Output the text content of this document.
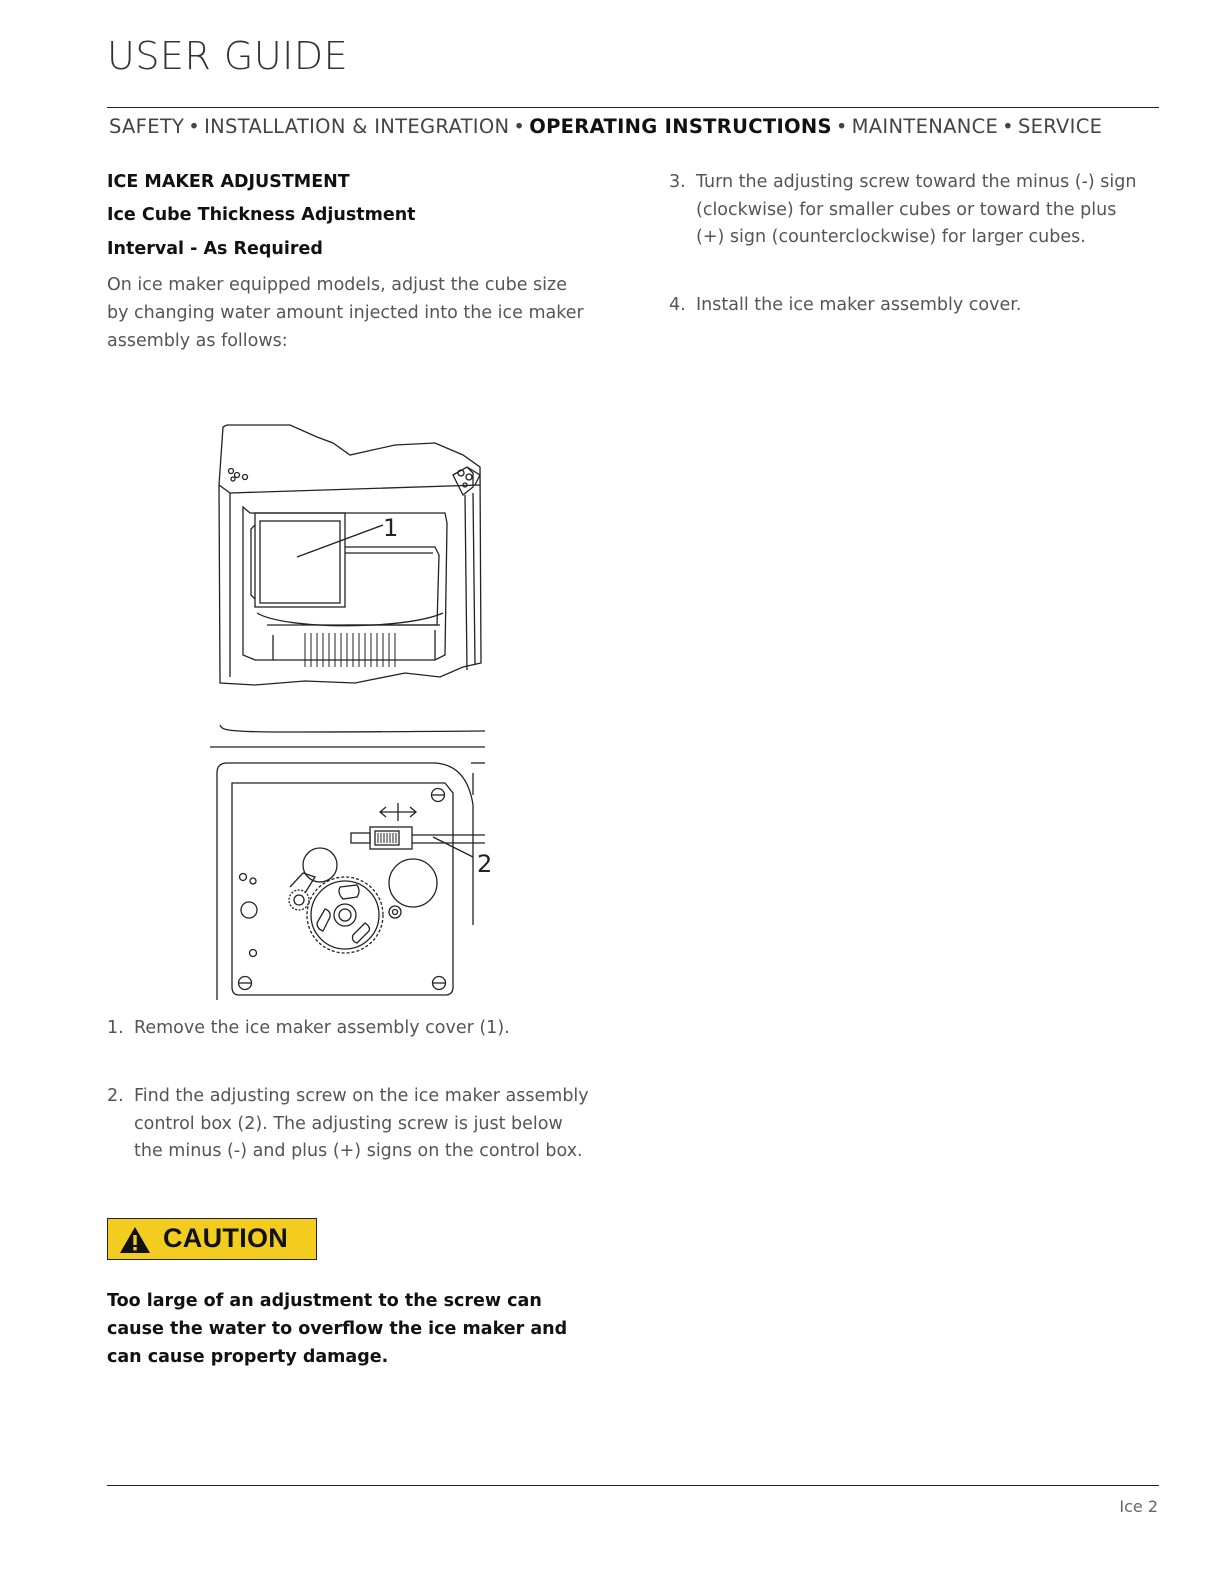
USER GUIDE
SAFETY • INSTALLATION & INTEGRATION • OPERATING INSTRUCTIONS • MAINTENANCE • SERVICE
ICE MAKER ADJUSTMENT
Ice Cube Thickness Adjustment
Interval - As Required
On ice maker equipped models, adjust the cube size by changing water amount injected into the ice maker assembly as follows:
1
2
1. Remove the ice maker assembly cover (1).
2. Find the adjusting screw on the ice maker assembly control box (2). The adjusting screw is just below the minus (-) and plus (+) signs on the control box.
CAUTION
Too large of an adjustment to the screw can cause the water to overflow the ice maker and can cause property damage.
3. Turn the adjusting screw toward the minus (-) sign (clockwise) for smaller cubes or toward the plus (+) sign (counterclockwise) for larger cubes.
4. Install the ice maker assembly cover.
Ice 2
